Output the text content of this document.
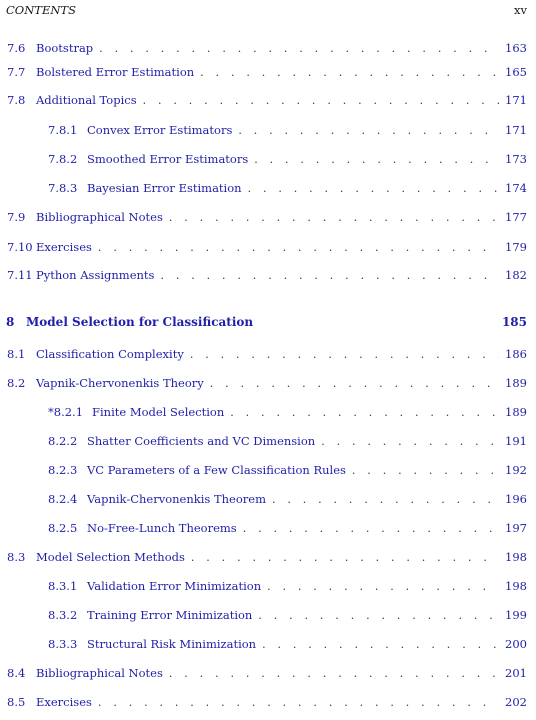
CONTENTS	xv
7.6 Bootstrap . . .	163
7.7 Bolstered Error Estimation . . .	165
7.8 Additional Topics . . .	171
7.8.1 Convex Error Estimators . . .	171
7.8.2 Smoothed Error Estimators . . .	173
7.8.3 Bayesian Error Estimation . . .	174
7.9 Bibliographical Notes . . .	177
7.10 Exercises . . .	179
7.11 Python Assignments . . .	182
8 Model Selection for Classification	185
8.1 Classification Complexity . . .	186
8.2 Vapnik-Chervonenkis Theory . . .	189
*8.2.1 Finite Model Selection . . .	189
8.2.2 Shatter Coefficients and VC Dimension . . .	191
8.2.3 VC Parameters of a Few Classification Rules . . .	192
8.2.4 Vapnik-Chervonenkis Theorem . . .	196
8.2.5 No-Free-Lunch Theorems . . .	197
8.3 Model Selection Methods . . .	198
8.3.1 Validation Error Minimization . . .	198
8.3.2 Training Error Minimization . . .	199
8.3.3 Structural Risk Minimization . . .	200
8.4 Bibliographical Notes . . .	201
8.5 Exercises . . .	202
